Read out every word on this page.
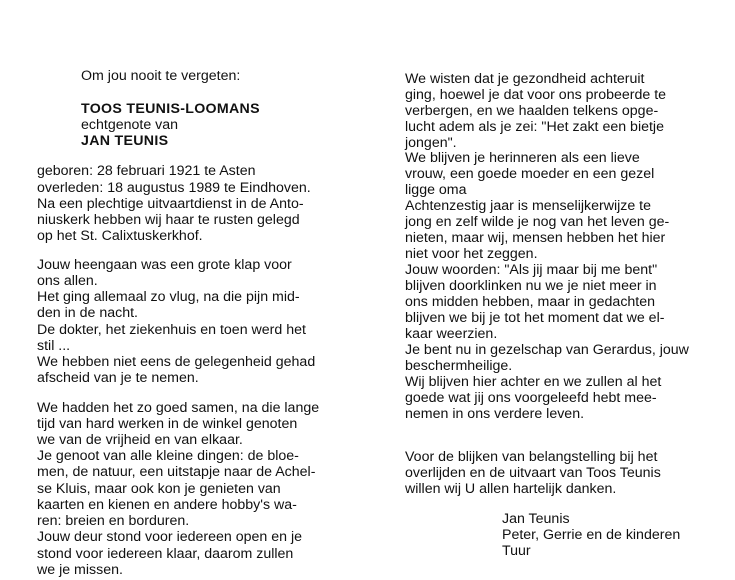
Om jou nooit te vergeten:
TOOS TEUNIS-LOOMANS
echtgenote van
JAN TEUNIS
geboren: 28 februari 1921 te Asten
overleden: 18 augustus 1989 te Eindhoven.
Na een plechtige uitvaartdienst in de Anto-
niuskerk hebben wij haar te rusten gelegd
op het St. Calixtuskerkhof.
Jouw heengaan was een grote klap voor
ons allen.
Het ging allemaal zo vlug, na die pijn mid-
den in de nacht.
De dokter, het ziekenhuis en toen werd het
stil ...
We hebben niet eens de gelegenheid gehad
afscheid van je te nemen.
We hadden het zo goed samen, na die lange
tijd van hard werken in de winkel genoten
we van de vrijheid en van elkaar.
Je genoot van alle kleine dingen: de bloe-
men, de natuur, een uitstapje naar de Achel-
se Kluis, maar ook kon je genieten van
kaarten en kienen en andere hobby's wa-
ren: breien en borduren.
Jouw deur stond voor iedereen open en je
stond voor iedereen klaar, daarom zullen
we je missen.
We wisten dat je gezondheid achteruit
ging, hoewel je dat voor ons probeerde te
verbergen, en we haalden telkens opge-
lucht adem als je zei: "Het zakt een bietje
jongen".
We blijven je herinneren als een lieve
vrouw, een goede moeder en een gezel
ligge oma
Achtenzestig jaar is menselijkerwijze te
jong en zelf wilde je nog van het leven ge-
nieten, maar wij, mensen hebben het hier
niet voor het zeggen.
Jouw woorden: "Als jij maar bij me bent"
blijven doorklinken nu we je niet meer in
ons midden hebben, maar in gedachten
blijven we bij je tot het moment dat we el-
kaar weerzien.
Je bent nu in gezelschap van Gerardus, jouw
beschermheilige.
Wij blijven hier achter en we zullen al het
goede wat jij ons voorgeleefd hebt mee-
nemen in ons verdere leven.
Voor de blijken van belangstelling bij het
overlijden en de uitvaart van Toos Teunis
willen wij U allen hartelijk danken.
Jan Teunis
Peter, Gerrie en de kinderen
Tuur
